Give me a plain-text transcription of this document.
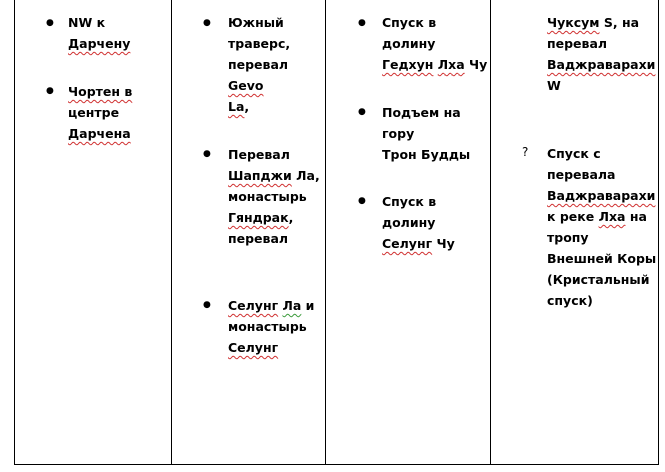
● NW к Дарчену
● Чортен в
центре
Дарчена
● Южный
траверс,
перевал Gevo
La,
● Перевал
Шапджи Ла,
монастырь
Гяндрак,
перевал
● Селунг Ла и
монастырь
Селунг
● Спуск в долину
Гедхун Лха Чу
● Подъем на гору
Трон Будды
● Спуск в долину
Селунг Чу
Чуксум S, на
перевал
Ваджраварахи
W
? Спуск с
перевала
Ваджраварахи
к реке Лха на
тропу
Внешней Коры
(Кристальный
спуск)
